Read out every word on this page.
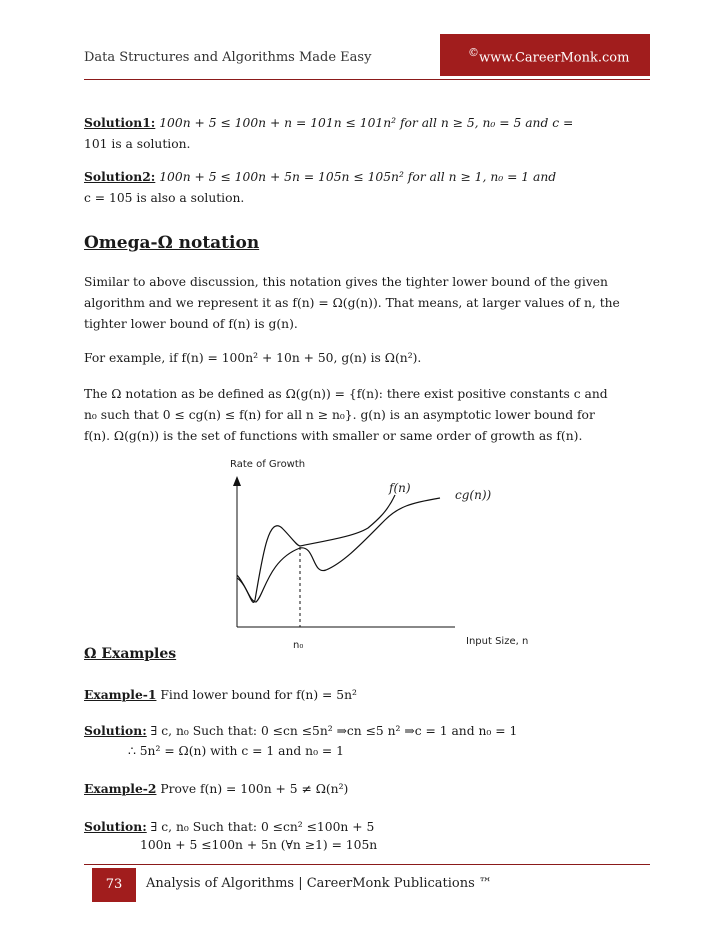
Data Structures and Algorithms Made Easy	©www.CareerMonk.com
Solution1: 100n + 5 ≤ 100n + n = 101n ≤ 101n² for all n ≥ 5, n₀ = 5 and c =
101 is a solution.
Solution2: 100n + 5 ≤ 100n + 5n = 105n ≤ 105n² for all n ≥ 1, n₀ = 1 and
c = 105 is also a solution.
Omega-Ω notation
Similar to above discussion, this notation gives the tighter lower bound of the given
algorithm and we represent it as f(n) = Ω(g(n)). That means, at larger values of n, the
tighter lower bound of f(n) is g(n).
For example, if f(n) = 100n² + 10n + 50, g(n) is Ω(n²).
The Ω notation as be defined as Ω(g(n)) = {f(n): there exist positive constants c and
n₀ such that 0 ≤ cg(n) ≤ f(n) for all n ≥ n₀}. g(n) is an asymptotic lower bound for
f(n). Ω(g(n)) is the set of functions with smaller or same order of growth as f(n).
Rate of Growth
f(n)	cg(n))
n₀	Input Size, n
Ω Examples
Example-1 Find lower bound for f(n) = 5n²
Solution: ∃ c, n₀ Such that: 0 ≤cn ≤5n² ⇒cn ≤5 n² ⇒c = 1 and n₀ = 1
∴ 5n² = Ω(n) with c = 1 and n₀ = 1
Example-2 Prove f(n) = 100n + 5 ≠ Ω(n²)
Solution: ∃ c, n₀ Such that: 0 ≤cn² ≤100n + 5
100n + 5 ≤100n + 5n (∀n ≥1) = 105n
73	Analysis of Algorithms | CareerMonk Publications ™
